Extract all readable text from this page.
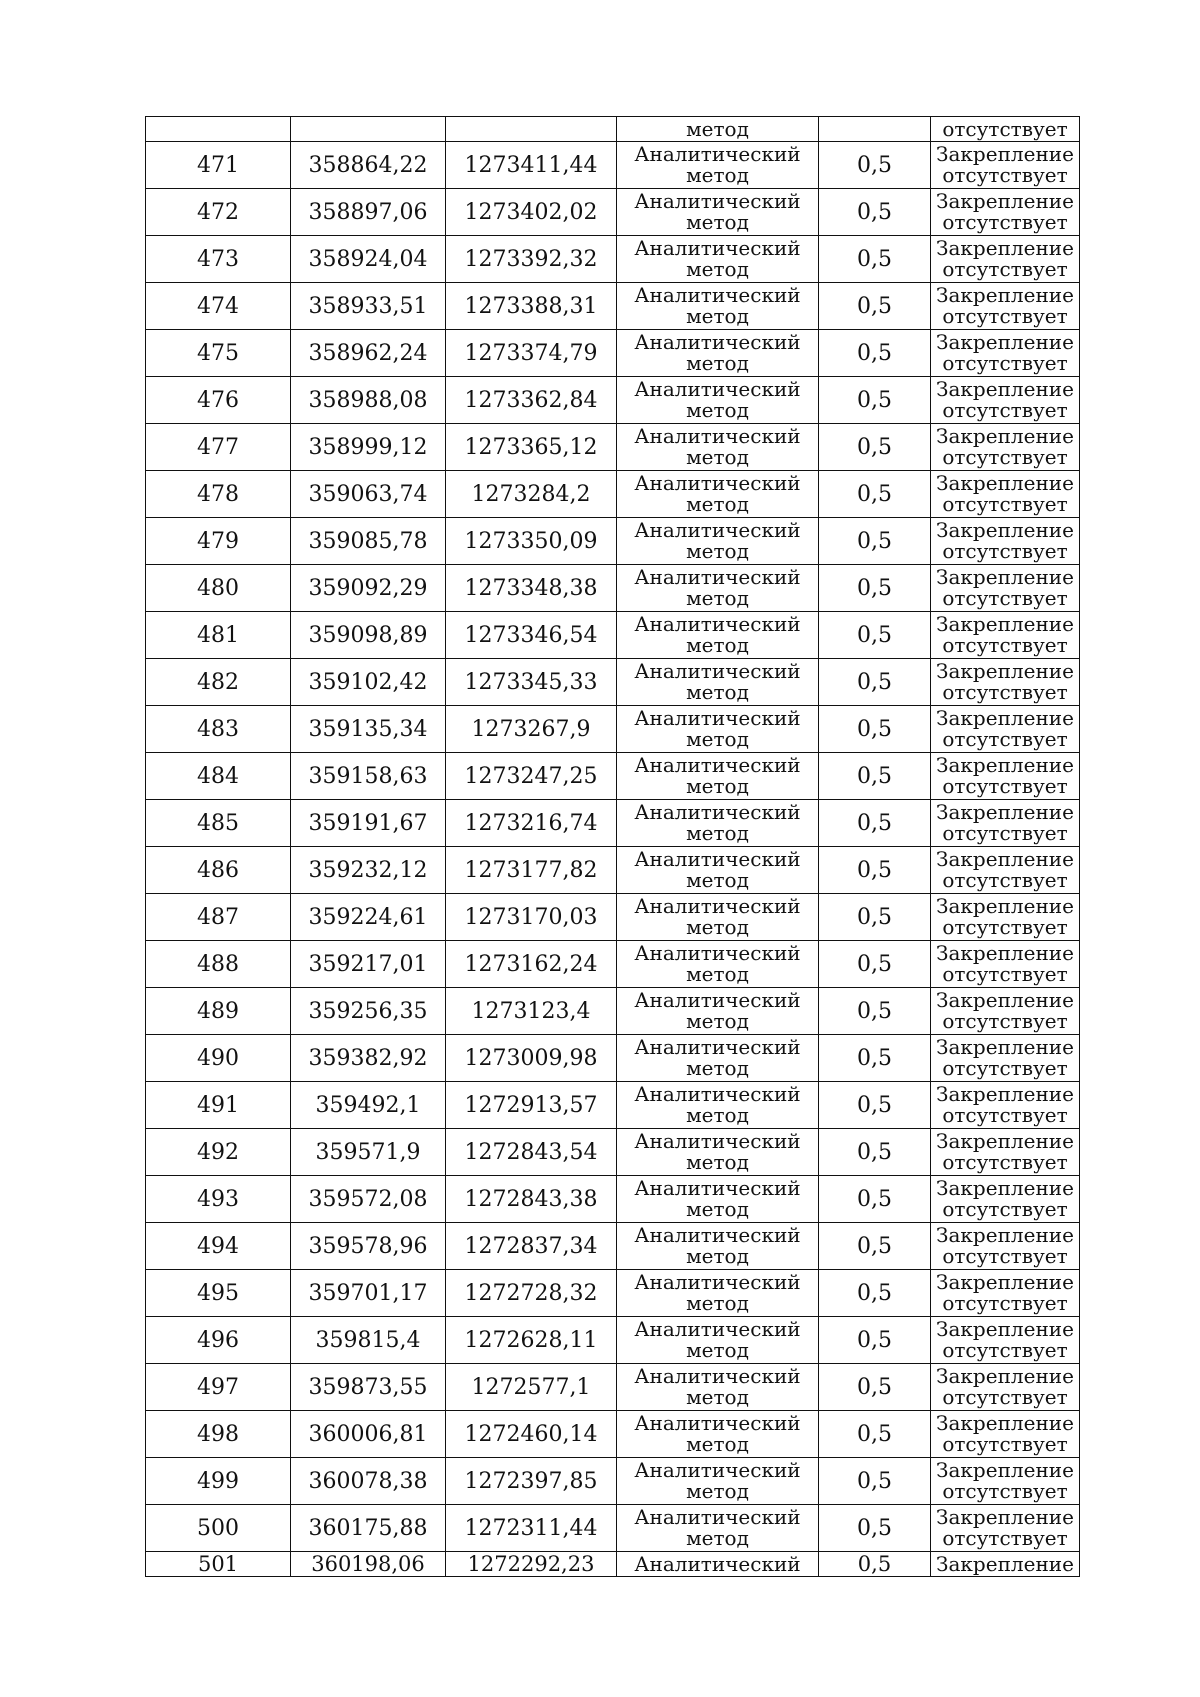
			метод		отсутствует
471	358864,22	1273411,44	Аналитический
метод	0,5	Закрепление
отсутствует

472	358897,06	1273402,02	Аналитический
метод	0,5	Закрепление
отсутствует

473	358924,04	1273392,32	Аналитический
метод	0,5	Закрепление
отсутствует

474	358933,51	1273388,31	Аналитический
метод	0,5	Закрепление
отсутствует

475	358962,24	1273374,79	Аналитический
метод	0,5	Закрепление
отсутствует

476	358988,08	1273362,84	Аналитический
метод	0,5	Закрепление
отсутствует

477	358999,12	1273365,12	Аналитический
метод	0,5	Закрепление
отсутствует

478	359063,74	1273284,2	Аналитический
метод	0,5	Закрепление
отсутствует

479	359085,78	1273350,09	Аналитический
метод	0,5	Закрепление
отсутствует

480	359092,29	1273348,38	Аналитический
метод	0,5	Закрепление
отсутствует

481	359098,89	1273346,54	Аналитический
метод	0,5	Закрепление
отсутствует

482	359102,42	1273345,33	Аналитический
метод	0,5	Закрепление
отсутствует

483	359135,34	1273267,9	Аналитический
метод	0,5	Закрепление
отсутствует

484	359158,63	1273247,25	Аналитический
метод	0,5	Закрепление
отсутствует

485	359191,67	1273216,74	Аналитический
метод	0,5	Закрепление
отсутствует

486	359232,12	1273177,82	Аналитический
метод	0,5	Закрепление
отсутствует

487	359224,61	1273170,03	Аналитический
метод	0,5	Закрепление
отсутствует

488	359217,01	1273162,24	Аналитический
метод	0,5	Закрепление
отсутствует

489	359256,35	1273123,4	Аналитический
метод	0,5	Закрепление
отсутствует

490	359382,92	1273009,98	Аналитический
метод	0,5	Закрепление
отсутствует

491	359492,1	1272913,57	Аналитический
метод	0,5	Закрепление
отсутствует

492	359571,9	1272843,54	Аналитический
метод	0,5	Закрепление
отсутствует

493	359572,08	1272843,38	Аналитический
метод	0,5	Закрепление
отсутствует

494	359578,96	1272837,34	Аналитический
метод	0,5	Закрепление
отсутствует

495	359701,17	1272728,32	Аналитический
метод	0,5	Закрепление
отсутствует

496	359815,4	1272628,11	Аналитический
метод	0,5	Закрепление
отсутствует

497	359873,55	1272577,1	Аналитический
метод	0,5	Закрепление
отсутствует

498	360006,81	1272460,14	Аналитический
метод	0,5	Закрепление
отсутствует

499	360078,38	1272397,85	Аналитический
метод	0,5	Закрепление
отсутствует

500	360175,88	1272311,44	Аналитический
метод	0,5	Закрепление
отсутствует

501	360198,06	1272292,23	Аналитический	0,5	Закрепление
